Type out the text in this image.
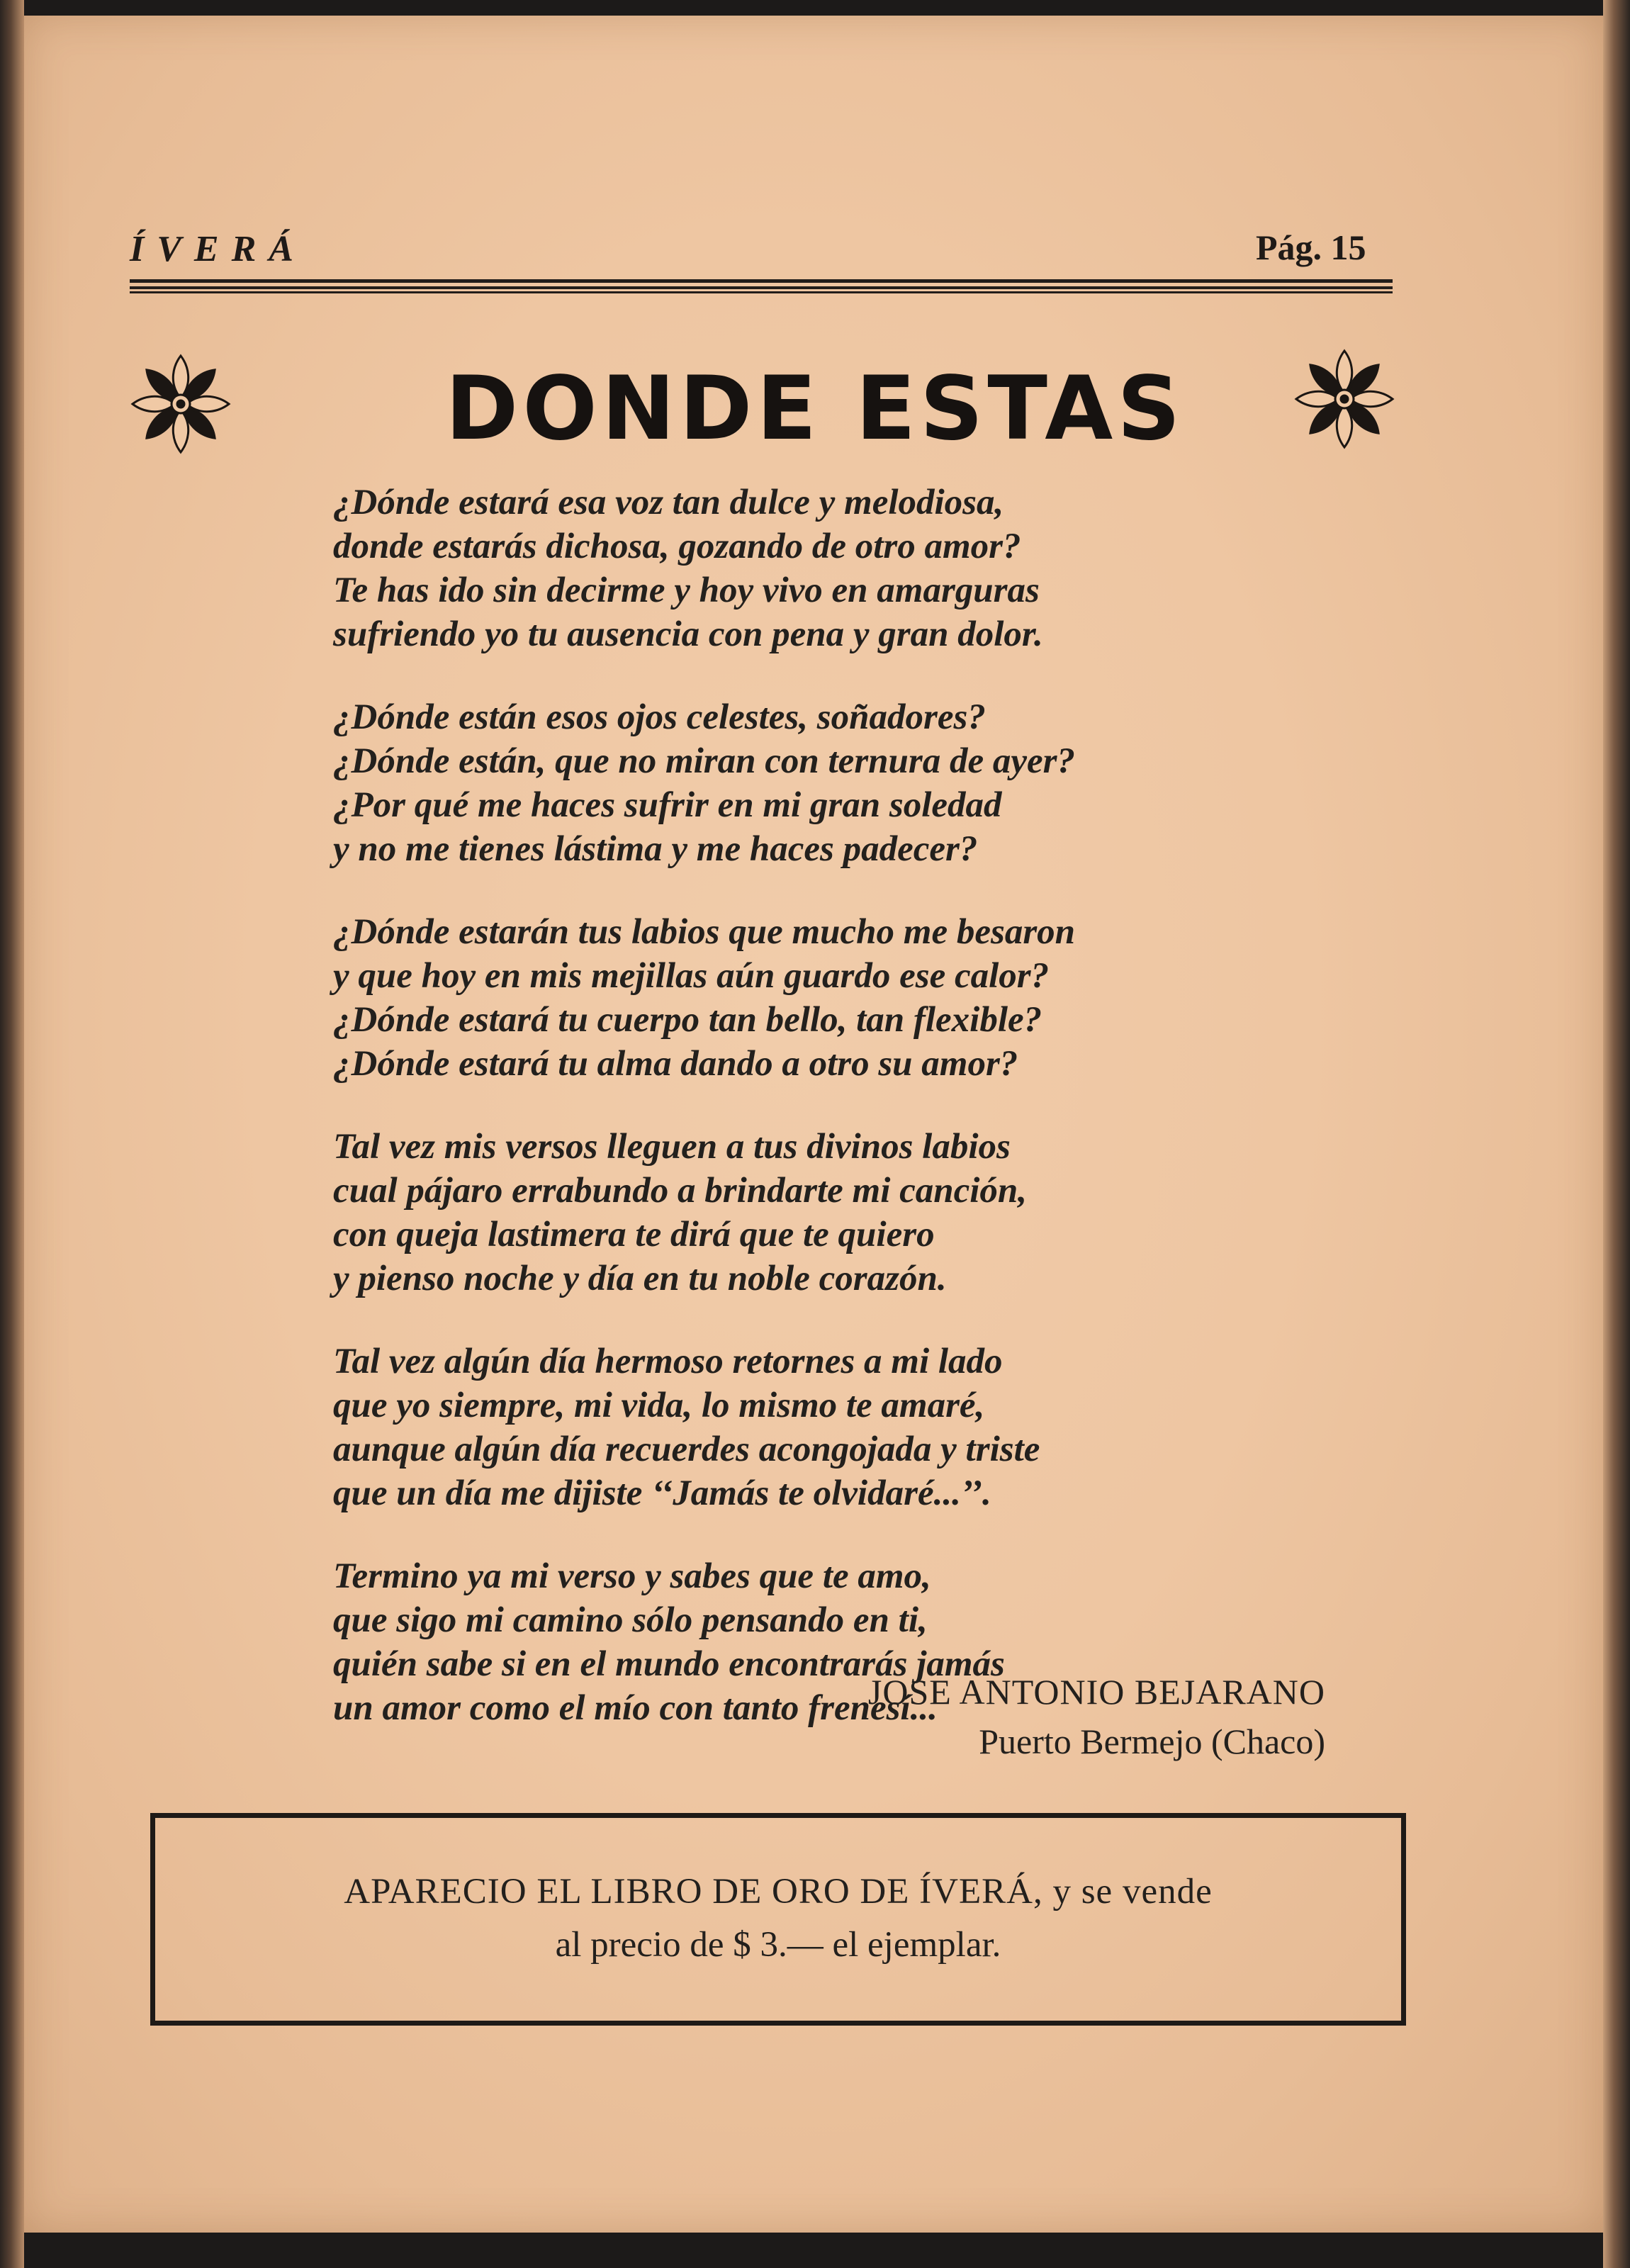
ÍVERÁ	Pág. 15
DONDE ESTAS
¿Dónde estará esa voz tan dulce y melodiosa,
donde estarás dichosa, gozando de otro amor?
Te has ido sin decirme y hoy vivo en amarguras
sufriendo yo tu ausencia con pena y gran dolor.
¿Dónde están esos ojos celestes, soñadores?
¿Dónde están, que no miran con ternura de ayer?
¿Por qué me haces sufrir en mi gran soledad
y no me tienes lástima y me haces padecer?
¿Dónde estarán tus labios que mucho me besaron
y que hoy en mis mejillas aún guardo ese calor?
¿Dónde estará tu cuerpo tan bello, tan flexible?
¿Dónde estará tu alma dando a otro su amor?
Tal vez mis versos lleguen a tus divinos labios
cual pájaro errabundo a brindarte mi canción,
con queja lastimera te dirá que te quiero
y pienso noche y día en tu noble corazón.
Tal vez algún día hermoso retornes a mi lado
que yo siempre, mi vida, lo mismo te amaré,
aunque algún día recuerdes acongojada y triste
que un día me dijiste ‘‘Jamás te olvidaré...’’.
Termino ya mi verso y sabes que te amo,
que sigo mi camino sólo pensando en ti,
quién sabe si en el mundo encontrarás jamás
un amor como el mío con tanto frenesí...
JOSE ANTONIO BEJARANO
Puerto Bermejo (Chaco)
APARECIO EL LIBRO DE ORO DE ÍVERÁ, y se vende
al precio de $ 3.— el ejemplar.
